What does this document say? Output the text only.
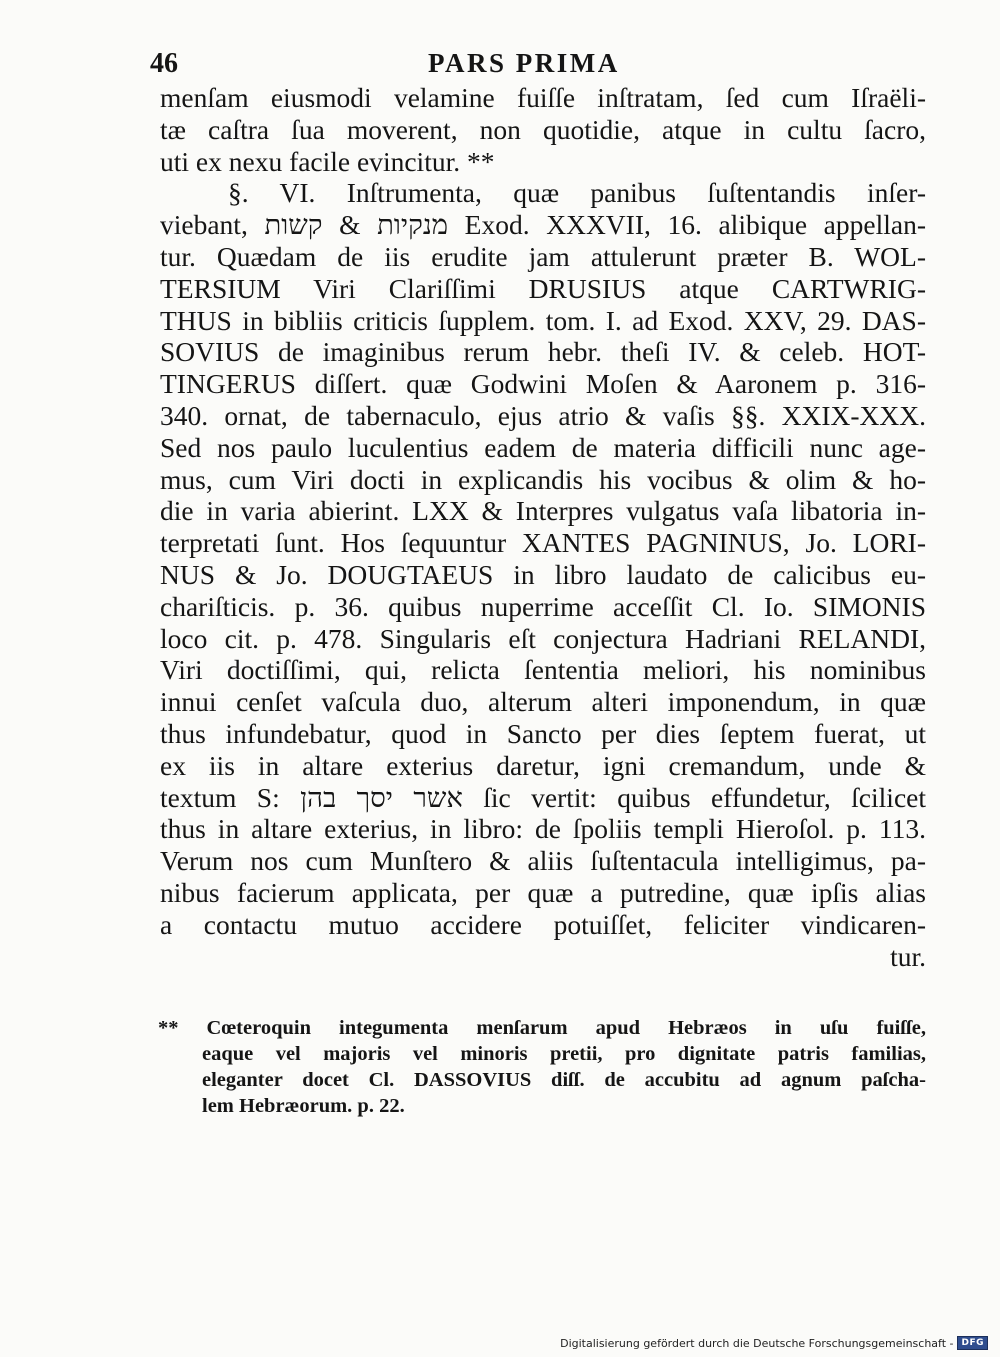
46	PARS PRIMA
menſam eiusmodi velamine fuiſſe inſtratam, ſed cum Iſraëli-
tæ caſtra ſua moverent, non quotidie, atque in cultu ſacro,
uti ex nexu facile evincitur. **
§. VI. Inſtrumenta, quæ panibus ſuſtentandis inſer-
viebant, מנקיות & קשות Exod. XXXVII, 16. alibique appellan-
tur. Quædam de iis erudite jam attulerunt præter B. WOL-
TERSIUM Viri Clariſſimi DRUSIUS atque CARTWRIG-
THUS in bibliis criticis ſupplem. tom. I. ad Exod. XXV, 29. DAS-
SOVIUS de imaginibus rerum hebr. theſi IV. & celeb. HOT-
TINGERUS diſſert. quæ Godwini Moſen & Aaronem p. 316-
340. ornat, de tabernaculo, ejus atrio & vaſis §§. XXIX-XXX.
Sed nos paulo luculentius eadem de materia difficili nunc age-
mus, cum Viri docti in explicandis his vocibus & olim & ho-
die in varia abierint. LXX & Interpres vulgatus vaſa libatoria in-
terpretati ſunt. Hos ſequuntur XANTES PAGNINUS, Jo. LORI-
NUS & Jo. DOUGTAEUS in libro laudato de calicibus eu-
chariſticis. p. 36. quibus nuperrime acceſſit Cl. Io. SIMONIS
loco cit. p. 478. Singularis eſt conjectura Hadriani RELANDI,
Viri doctiſſimi, qui, relicta ſententia meliori, his nominibus
innui cenſet vaſcula duo, alterum alteri imponendum, in quæ
thus infundebatur, quod in Sancto per dies ſeptem fuerat, ut
ex iis in altare exterius daretur, igni cremandum, unde &
textum S: אשר יסך בהן ſic vertit: quibus effundetur, ſcilicet
thus in altare exterius, in libro: de ſpoliis templi Hieroſol. p. 113.
Verum nos cum Munſtero & aliis ſuſtentacula intelligimus, pa-
nibus facierum applicata, per quæ a putredine, quæ ipſis alias
a contactu mutuo accidere potuiſſet, feliciter vindicaren-
tur.
** Cœteroquin integumenta menſarum apud Hebræos in uſu fuiſſe,
eaque vel majoris vel minoris pretii, pro dignitate patris familias,
eleganter docet Cl. DASSOVIUS diſſ. de accubitu ad agnum paſcha-
lem Hebræorum. p. 22.
Digitalisierung gefördert durch die Deutsche Forschungsgemeinschaft - DFG
